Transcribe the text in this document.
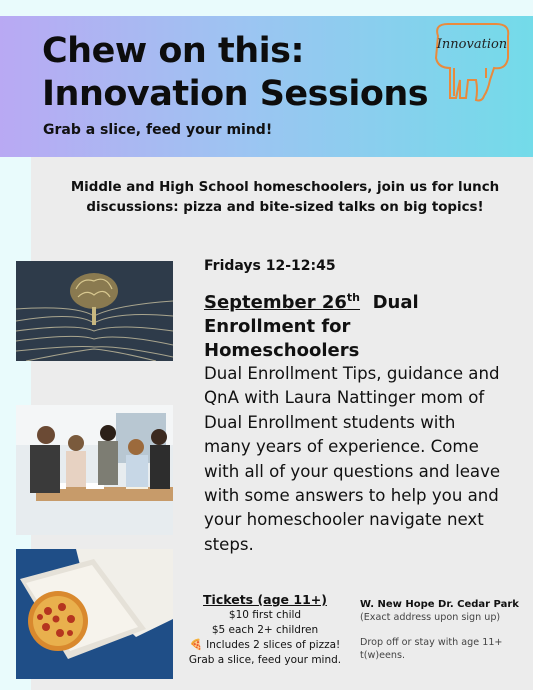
Chew on this:
Innovation Sessions
Grab a slice, feed your mind!
Innovation
Middle and High School homeschoolers, join us for lunch discussions: pizza and bite-sized talks on big topics!
Fridays 12-12:45
September 26th Dual Enrollment for Homeschoolers
Dual Enrollment Tips, guidance and QnA with Laura Nattinger mom of Dual Enrollment students with many years of experience. Come with all of your questions and leave with some answers to help you and your homeschooler navigate next steps.
Tickets (age 11+)
$10 first child
$5 each 2+ children
🍕 Includes 2 slices of pizza!
Grab a slice, feed your mind.
W. New Hope Dr. Cedar Park
(Exact address upon sign up)
Drop off or stay with age 11+ t(w)eens.
